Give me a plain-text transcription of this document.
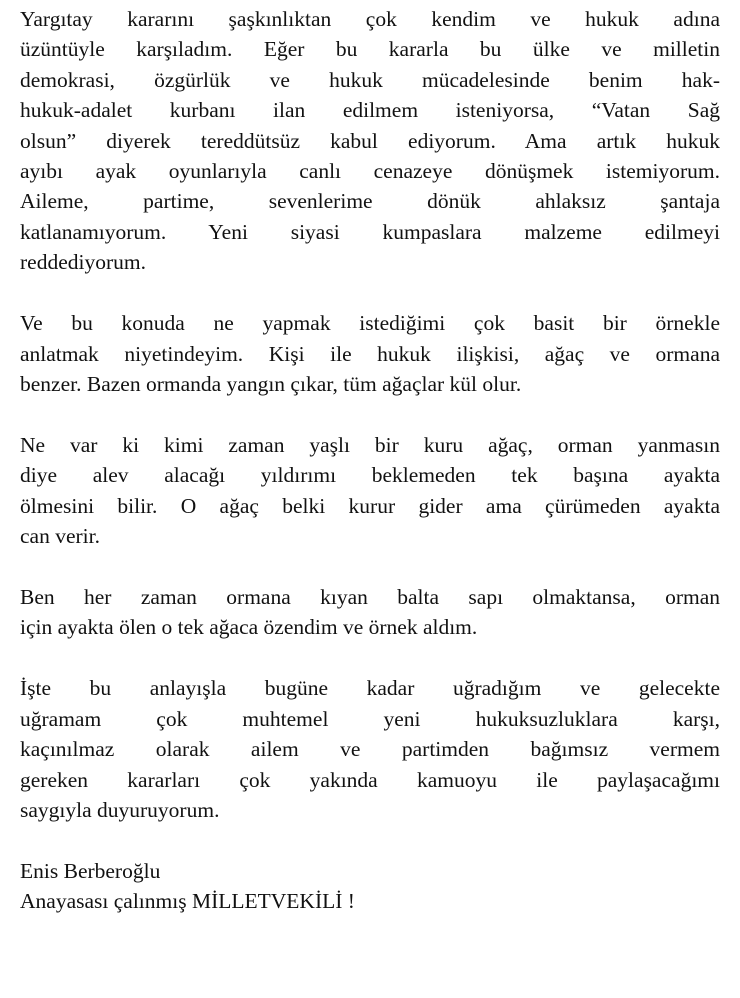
Yargıtay kararını şaşkınlıktan çok kendim ve hukuk adına
üzüntüyle karşıladım. Eğer bu kararla bu ülke ve milletin
demokrasi, özgürlük ve hukuk mücadelesinde benim hak-
hukuk-adalet kurbanı ilan edilmem isteniyorsa, “Vatan Sağ
olsun” diyerek tereddütsüz kabul ediyorum. Ama artık hukuk
ayıbı ayak oyunlarıyla canlı cenazeye dönüşmek istemiyorum.
Aileme, partime, sevenlerime dönük ahlaksız şantaja
katlanamıyorum. Yeni siyasi kumpaslara malzeme edilmeyi
reddediyorum.
Ve bu konuda ne yapmak istediğimi çok basit bir örnekle
anlatmak niyetindeyim. Kişi ile hukuk ilişkisi, ağaç ve ormana
benzer. Bazen ormanda yangın çıkar, tüm ağaçlar kül olur.
Ne var ki kimi zaman yaşlı bir kuru ağaç, orman yanmasın
diye alev alacağı yıldırımı beklemeden tek başına ayakta
ölmesini bilir. O ağaç belki kurur gider ama çürümeden ayakta
can verir.
Ben her zaman ormana kıyan balta sapı olmaktansa, orman
için ayakta ölen o tek ağaca özendim ve örnek aldım.
İşte bu anlayışla bugüne kadar uğradığım ve gelecekte
uğramam çok muhtemel yeni hukuksuzluklara karşı,
kaçınılmaz olarak ailem ve partimden bağımsız vermem
gereken kararları çok yakında kamuoyu ile paylaşacağımı
saygıyla duyuruyorum.
Enis Berberoğlu
Anayasası çalınmış MİLLETVEKİLİ !
